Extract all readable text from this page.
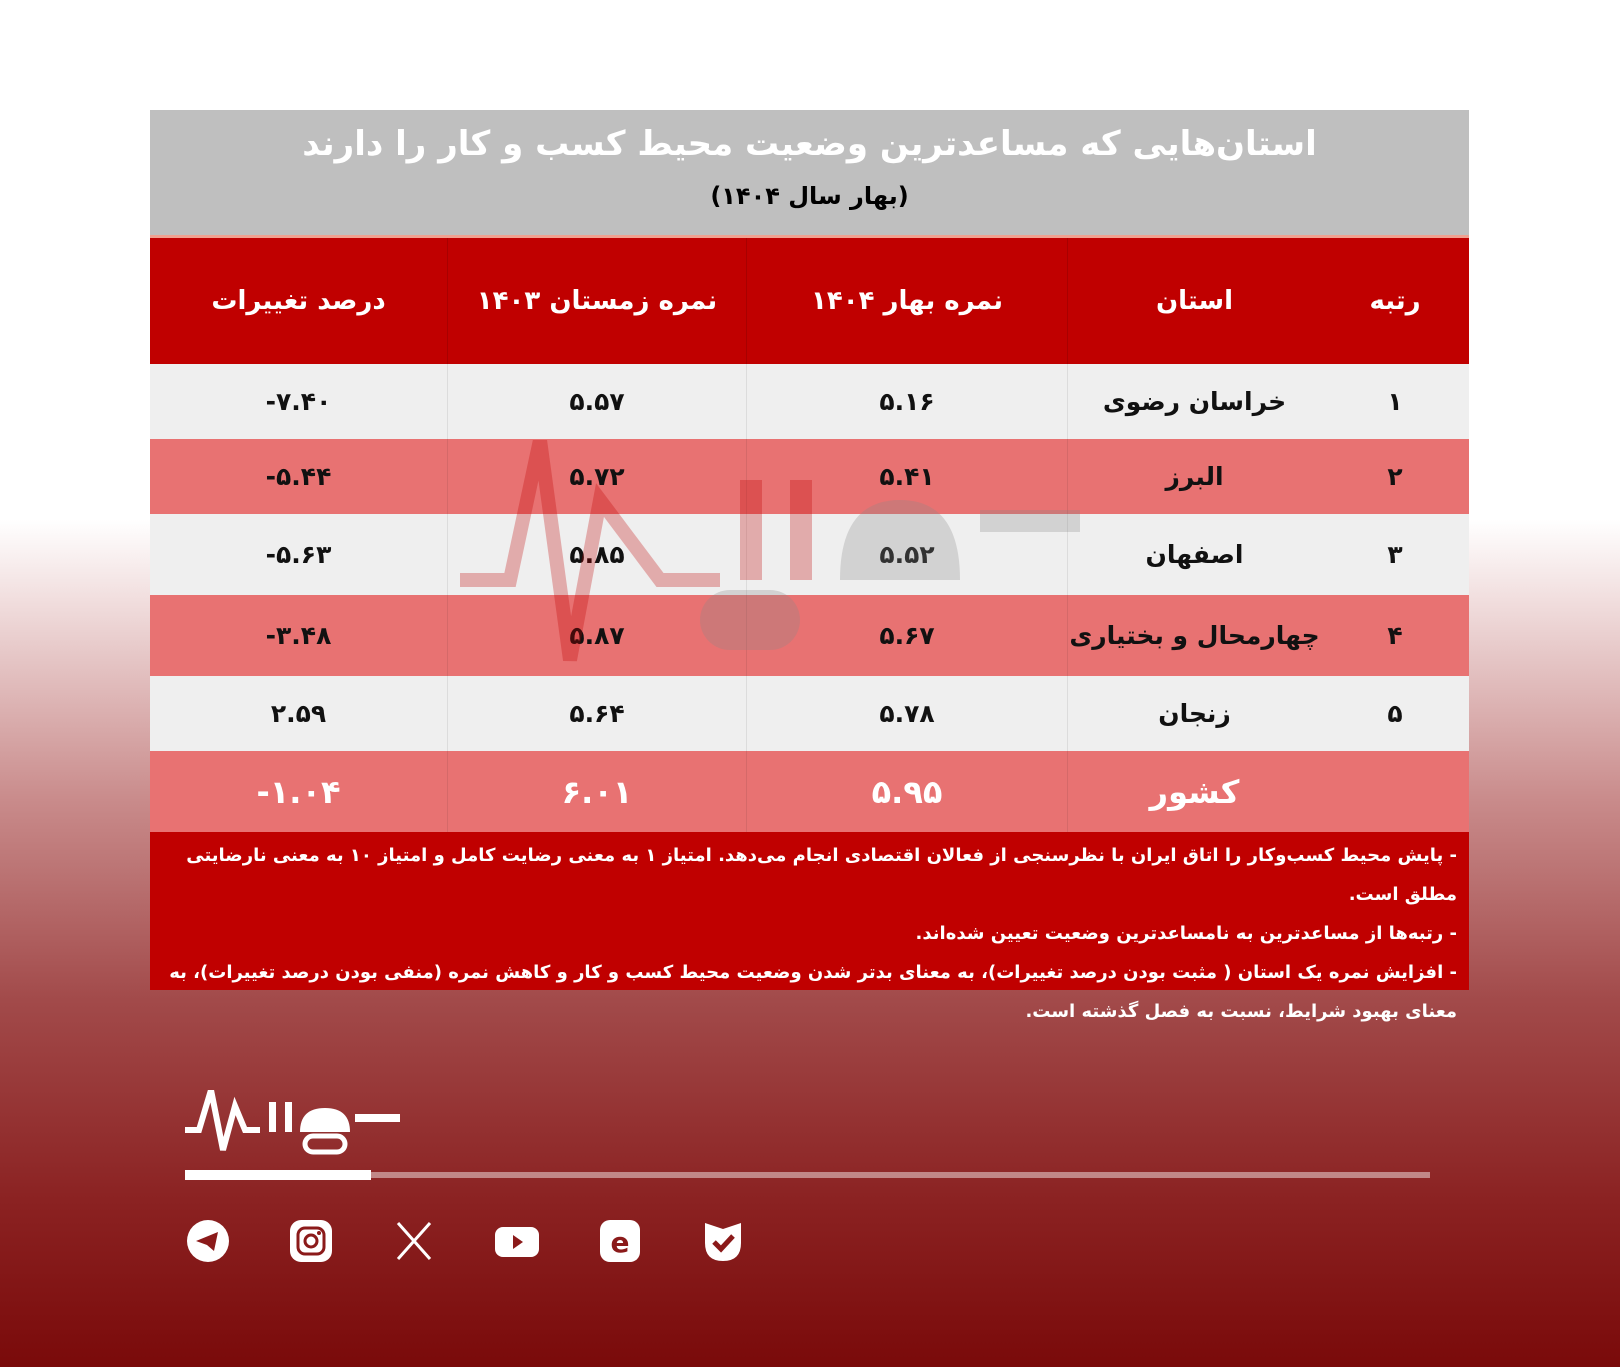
استان‌هایی که مساعدترین وضعیت محیط کسب و کار را دارند
(بهار سال ۱۴۰۴)
رتبه
استان
نمره بهار ۱۴۰۴
نمره زمستان ۱۴۰۳
درصد تغییرات
۱
خراسان رضوی
۵.۱۶
۵.۵۷
-۷.۴۰
۲
البرز
۵.۴۱
۵.۷۲
-۵.۴۴
۳
اصفهان
۵.۵۲
۵.۸۵
-۵.۶۳
۴
چهارمحال و بختیاری
۵.۶۷
۵.۸۷
-۳.۴۸
۵
زنجان
۵.۷۸
۵.۶۴
۲.۵۹
کشور
۵.۹۵
۶.۰۱
-۱.۰۴
- پایش محیط کسب‌وکار را اتاق ایران با نظرسنجی از فعالان اقتصادی انجام می‌دهد. امتیاز ۱ به معنی رضایت کامل و امتیاز ۱۰ به معنی نارضایتی مطلق است.
- رتبه‌ها از مساعدترین به نامساعدترین وضعیت تعیین شده‌اند.
- افزایش نمره یک استان ( مثبت بودن درصد تغییرات)، به معنای بدتر شدن وضعیت محیط کسب و کار و کاهش نمره (منفی بودن درصد تغییرات)، به معنای بهبود شرایط، نسبت به فصل گذشته است.
e
